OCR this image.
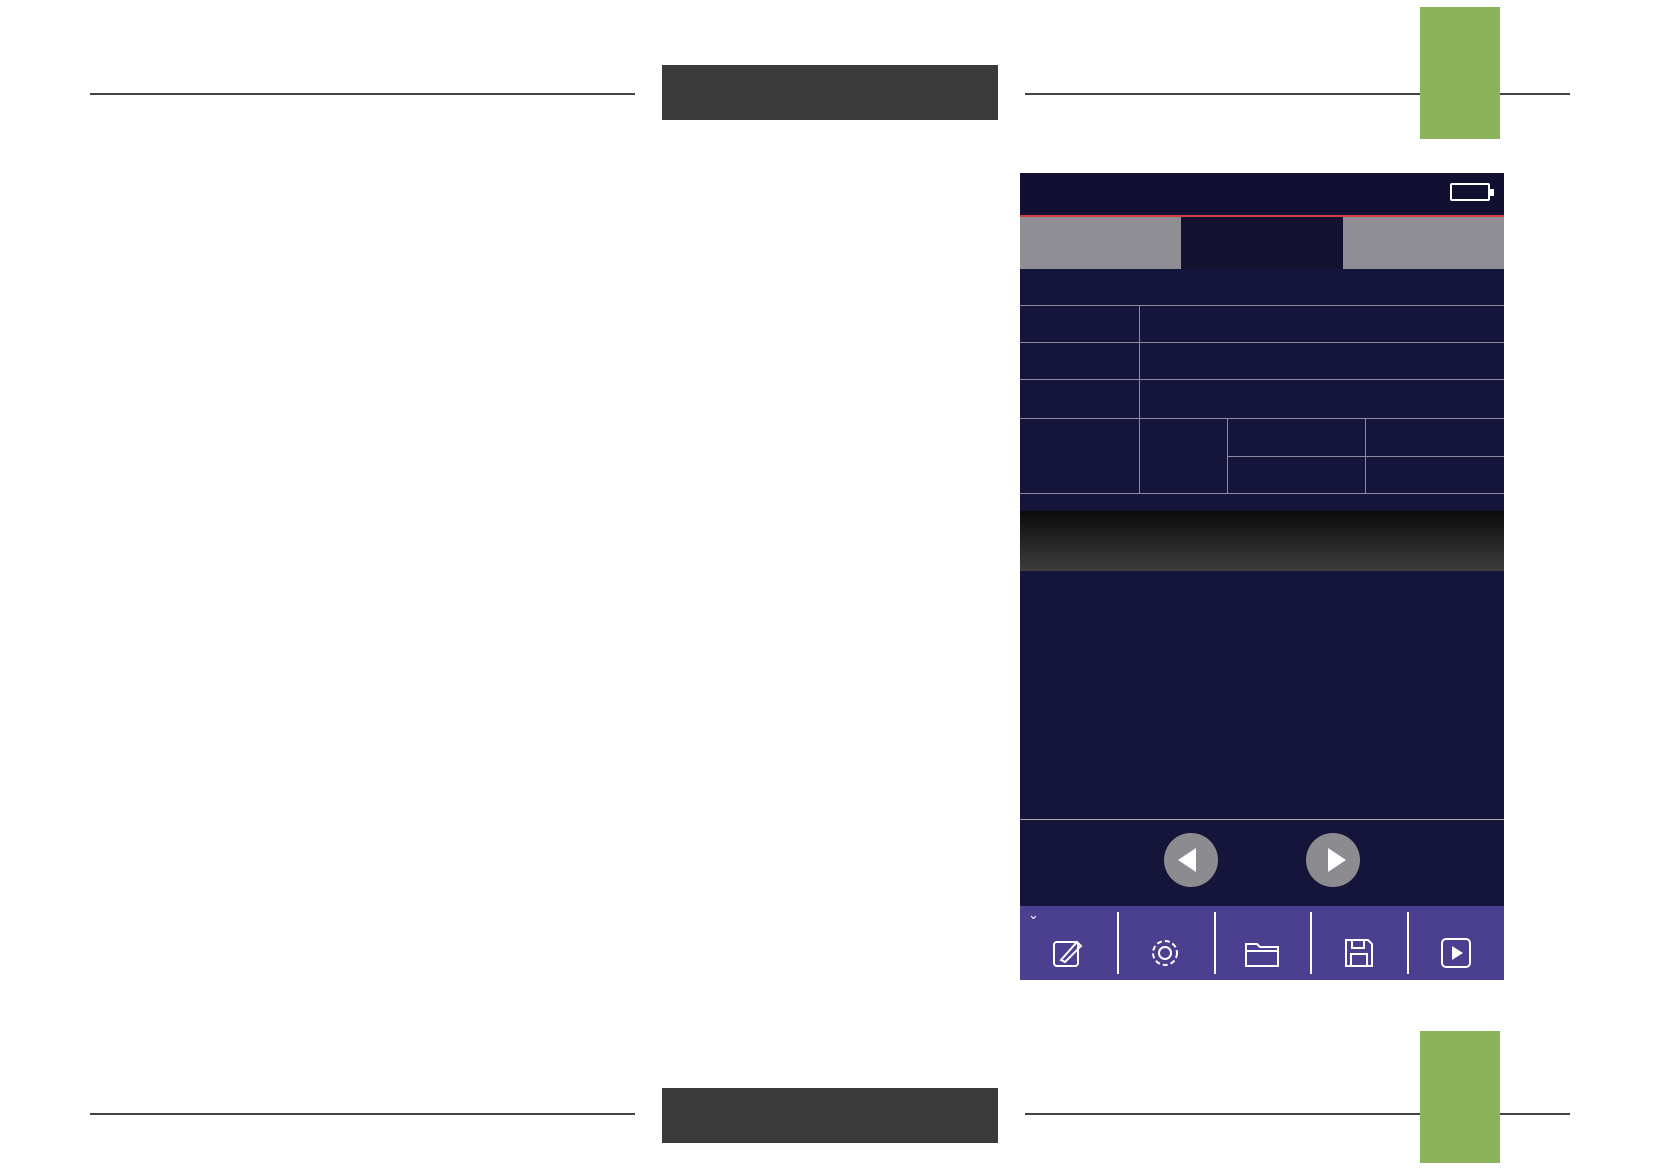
⌄
